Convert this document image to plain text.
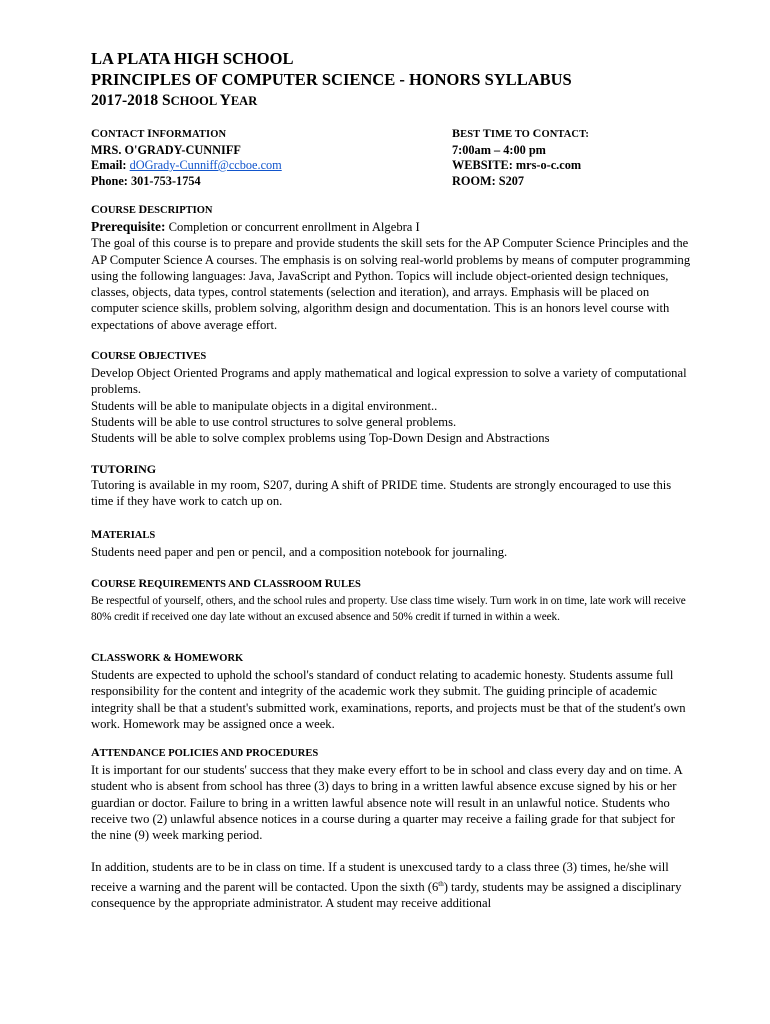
LA PLATA HIGH SCHOOL
PRINCIPLES OF COMPUTER SCIENCE - HONORS SYLLABUS
2017-2018 SCHOOL YEAR
CONTACT INFORMATION
MRS. O'GRADY-CUNNIFF
Email: dOGrady-Cunniff@ccboe.com
Phone: 301-753-1754
BEST TIME TO CONTACT:
7:00am – 4:00 pm
WEBSITE: mrs-o-c.com
ROOM: S207
COURSE DESCRIPTION

Prerequisite: Completion or concurrent enrollment in Algebra I

The goal of this course is to prepare and provide students the skill sets for the AP Computer Science Principles and the AP Computer Science A courses. The emphasis is on solving real-world problems by means of computer programming using the following languages: Java, JavaScript and Python. Topics will include object-oriented design techniques, classes, objects, data types, control statements (selection and iteration), and arrays. Emphasis will be placed on computer science skills, problem solving, algorithm design and documentation. This is an honors level course with expectations of above average effort.

COURSE OBJECTIVES

Develop Object Oriented Programs and apply mathematical and logical expression to solve a variety of computational problems.

Students will be able to manipulate objects in a digital environment..

Students will be able to use control structures to solve general problems.

Students will be able to solve complex problems using Top-Down Design and Abstractions

TUTORING

Tutoring is available in my room, S207, during A shift of PRIDE time. Students are strongly encouraged to use this time if they have work to catch up on.

MATERIALS

Students need paper and pen or pencil, and a composition notebook for journaling.

COURSE REQUIREMENTS AND CLASSROOM RULES

Be respectful of yourself, others, and the school rules and property. Use class time wisely. Turn work in on time, late work will receive 80% credit if received one day late without an excused absence and 50% credit if turned in within a week.

CLASSWORK & HOMEWORK

Students are expected to uphold the school's standard of conduct relating to academic honesty. Students assume full responsibility for the content and integrity of the academic work they submit. The guiding principle of academic integrity shall be that a student's submitted work, examinations, reports, and projects must be that of the student's own work. Homework may be assigned once a week.

ATTENDANCE POLICIES AND PROCEDURES

It is important for our students' success that they make every effort to be in school and class every day and on time. A student who is absent from school has three (3) days to bring in a written lawful absence excuse signed by his or her guardian or doctor. Failure to bring in a written lawful absence note will result in an unlawful notice. Students who receive two (2) unlawful absence notices in a course during a quarter may receive a failing grade for that subject for the nine (9) week marking period.

In addition, students are to be in class on time. If a student is unexcused tardy to a class three (3) times, he/she will receive a warning and the parent will be contacted. Upon the sixth (6th) tardy, students may be assigned a disciplinary consequence by the appropriate administrator. A student may receive additional
